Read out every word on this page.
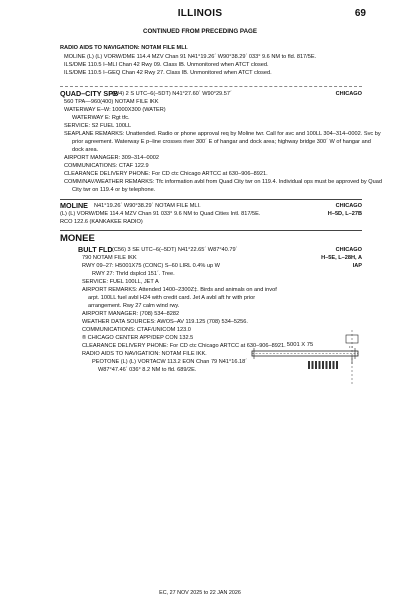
ILLINOIS	69
CONTINUED FROM PRECEDING PAGE
RADIO AIDS TO NAVIGATION: NOTAM FILE MLI.
MOLINE (L) (L) VORW/DME 114.4 MZV Chan 91 N41°19.26´ W90°38.29´ 033° 9.6 NM to fld. 817/5E.
ILS/DME 110.5 I–MLI Chan 42 Rwy 09. Class IB. Unmonitored when ATCT closed.
ILS/DME 110.5 I–GEQ Chan 42 Rwy 27. Class IB. Unmonitored when ATCT closed.
QUAD–CITY SPB
(W4) 2 S UTC–6(–5DT) N41°27.60´ W90°29.57´	CHICAGO
560 TPA—960(400) NOTAM FILE IKK
WATERWAY E–W: 10000X300 (WATER)
WATERWAY E: Rgt tfc.
SERVICE: S2 FUEL 100LL
SEAPLANE REMARKS: Unattended. Radio or phone approval req by Moline twr. Call for avc and 100LL 304–314–0002. Svc by
prior agreement. Waterway E p–line crosses river 300´ E of hangar and dock area; highway bridge 300´ W of hangar and
dock area.
AIRPORT MANAGER: 309–314–0002
COMMUNICATIONS: CTAF 122.9
CLEARANCE DELIVERY PHONE: For CD ctc Chicago ARTCC at 630–906–8921.
COMM/NAV/WEATHER REMARKS: Tfc information avbl from Quad City twr on 119.4. Individual ops must be approved by Quad
City twr on 119.4 or by telephone.
MOLINE N41°19.26´ W90°38.29´ NOTAM FILE MLI.	CHICAGO
(L) (L) VORW/DME 114.4 MZV Chan 91 033° 9.6 NM to Quad Cities Intl. 817/5E.	H–5D, L–27B
RCO 122.6 (KANKAKEE RADIO)
MONEE
BULT FLD (C56) 3 SE UTC–6(–5DT) N41°22.65´ W87°40.79´	CHICAGO
790 NOTAM FILE IKK	H–5E, L–28H, A
RWY 09–27: H5001X75 (CONC) S–60 LIRL 0.4% up W	IAP
RWY 27: Thrld dsplcd 151´. Tree.
SERVICE: FUEL 100LL, JET A
AIRPORT REMARKS: Attended 1400–2300Z‡. Birds and animals on and invof
arpt. 100LL fuel avbl H24 with credit card. Jet A avbl aft hr with prior
arrangement. Rwy 27 calm wind rwy.
AIRPORT MANAGER: (708) 534–8282
WEATHER DATA SOURCES: AWOS–AV 119.125 (708) 534–5256.
COMMUNICATIONS: CTAF/UNICOM 123.0
® CHICAGO CENTER APP/DEP CON 132.5
CLEARANCE DELIVERY PHONE: For CD ctc Chicago ARTCC at 630–906–8921.
RADIO AIDS TO NAVIGATION: NOTAM FILE IKK.
PEOTONE (L) (L) VORTACW 113.2 EON Chan 79 N41°16.18´
W87°47.46´ 036° 8.2 NM to fld. 689/2E.
5001 X 75	• •
EC, 27 NOV 2025 to 22 JAN 2026
